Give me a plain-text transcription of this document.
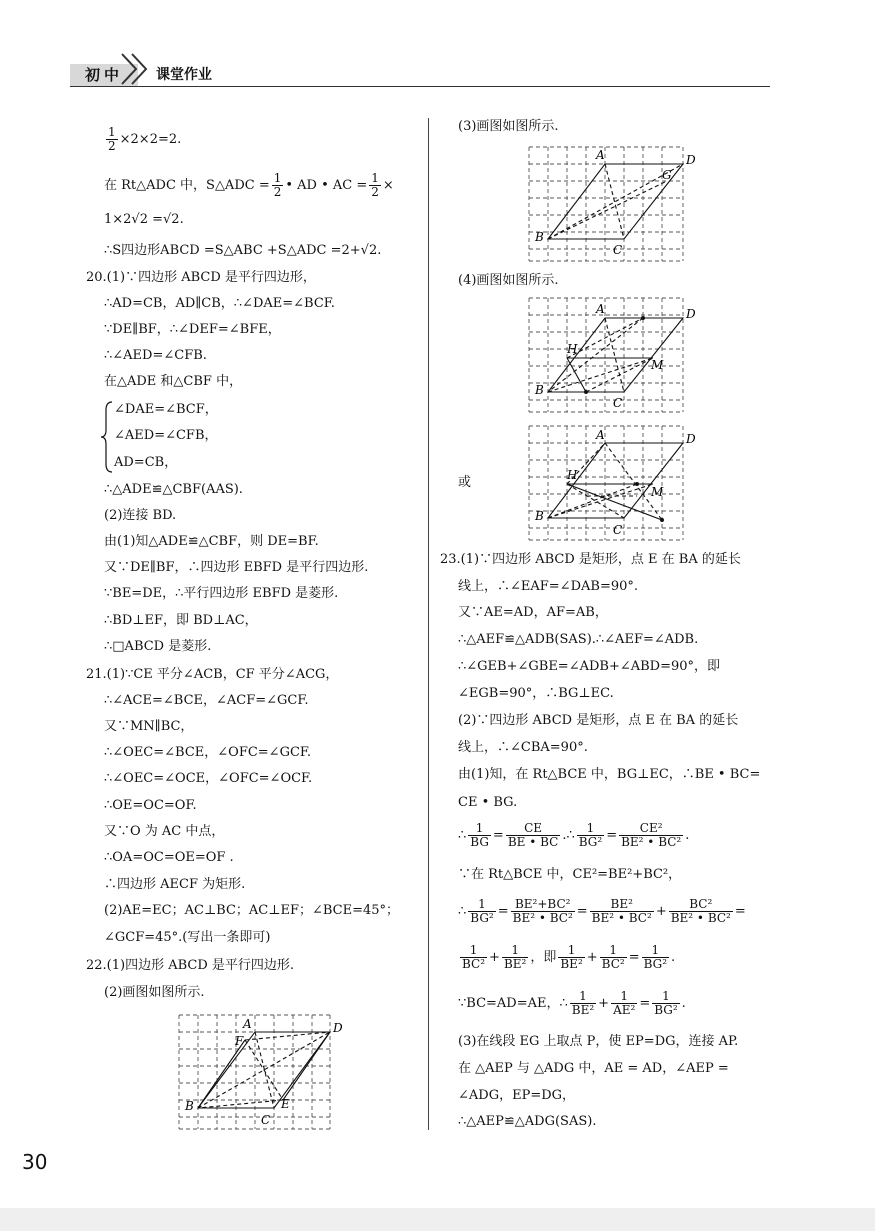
初中	课堂作业
$\frac{1}{2} \times 2\times 2=2$.
在 Rt△ADC 中，S△ADC = $\frac{1}{2}$ • AD • AC = $\frac{1}{2}$ ×
1×2√2 =√2.
∴S四边形ABCD =S△ABC +S△ADC =2+√2.
20.(1)∵四边形 ABCD 是平行四边形，
∴AD=CB，AD∥CB，∴∠DAE=∠BCF.
∵DE∥BF，∴∠DEF=∠BFE，
∴∠AED=∠CFB.
在△ADE 和△CBF 中，
∠DAE=∠BCF，
∠AED=∠CFB，
AD=CB，
∴△ADE≌△CBF(AAS).
(2)连接 BD.
由(1)知△ADE≌△CBF，则 DE=BF.
又∵DE∥BF，∴四边形 EBFD 是平行四边形.
∵BE=DE，∴平行四边形 EBFD 是菱形.
∴BD⊥EF，即 BD⊥AC，
∴□ABCD 是菱形.
21.(1)∵CE 平分∠ACB，CF 平分∠ACG，
∴∠ACE=∠BCE，∠ACF=∠GCF.
又∵MN∥BC，
∴∠OEC=∠BCE，∠OFC=∠GCF.
∴∠OEC=∠OCE，∠OFC=∠OCF.
∴OE=OC=OF.
又∵O 为 AC 中点，
∴OA=OC=OE=OF .
∴四边形 AECF 为矩形.
(2)AE=EC；AC⊥BC；AC⊥EF；∠BCE=45°；
∠GCF=45°.(写出一条即可)
22.(1)四边形 ABCD 是平行四边形.
(2)画图如图所示.
A	D
F
B	E
C
(3)画图如图所示.
A	D
G
B
C
(4)画图如图所示.
A	D
H
M
B
C
或
A	D
H
M
B
C
23.(1)∵四边形 ABCD 是矩形，点 E 在 BA 的延长
线上，∴∠EAF=∠DAB=90°.
又∵AE=AD，AF=AB，
∴△AEF≌△ADB(SAS).∴∠AEF=∠ADB.
∴∠GEB+∠GBE=∠ADB+∠ABD=90°，即
∠EGB=90°，∴BG⊥EC.
(2)∵四边形 ABCD 是矩形，点 E 在 BA 的延长
线上，∴∠CBA=90°.
由(1)知，在 Rt△BCE 中，BG⊥EC，∴BE • BC=
CE • BG.
∴ $\frac{1}{BG} = \frac{CE}{BE • BC}$ .∴ $\frac{1}{\text{BG²}} = \frac{\text{CE²}}{\text{BE² • BC²}}$ .
∵在 Rt△BCE 中，CE²=BE²+BC²，
∴ $\frac{1}{\text{BG²}} = \frac{\text{BE²+BC²}}{\text{BE² • BC²}} = \frac{\text{BE²}}{\text{BE² • BC²}} + \frac{\text{BC²}}{\text{BE² • BC²}}$ =
$\frac{1}{\text{BC²}} + \frac{1}{\text{BE²}}$ ，即 $\frac{1}{\text{BE²}} + \frac{1}{\text{BC²}} = \frac{1}{\text{BG²}}$ .
∵BC=AD=AE，∴ $\frac{1}{\text{BE²}} + \frac{1}{\text{AE²}} = \frac{1}{\text{BG²}}$ .
(3)在线段 EG 上取点 P，使 EP=DG，连接 AP.
在 △AEP 与 △ADG 中，AE = AD，∠AEP =
∠ADG，EP=DG，
∴△AEP≌△ADG(SAS).
30
